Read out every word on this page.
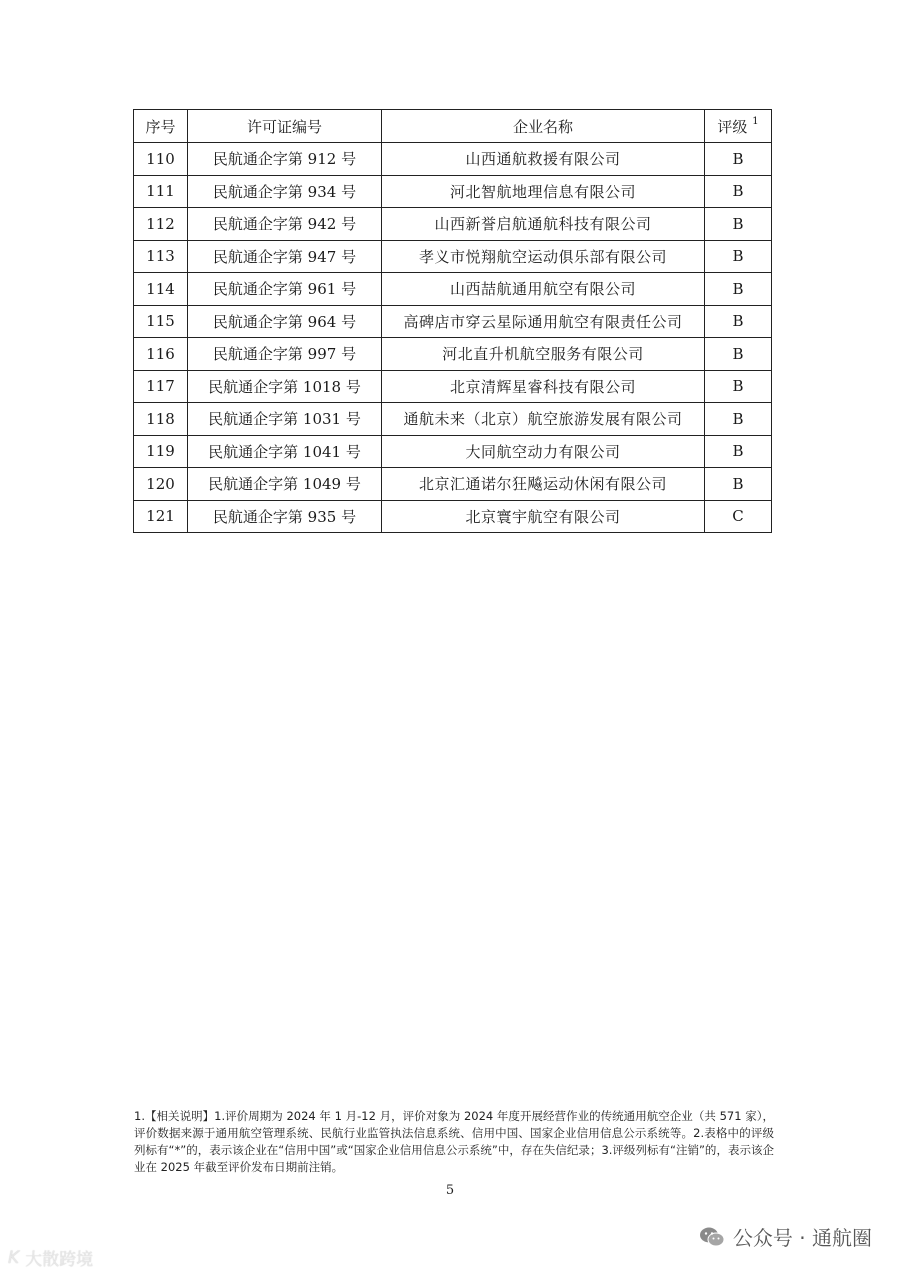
序号	许可证编号	企业名称	评级 $^1$
110	民航通企字第 912 号	山西通航救援有限公司	B
111	民航通企字第 934 号	河北智航地理信息有限公司	B
112	民航通企字第 942 号	山西新誉启航通航科技有限公司	B
113	民航通企字第 947 号	孝义市悦翔航空运动俱乐部有限公司	B
114	民航通企字第 961 号	山西喆航通用航空有限公司	B
115	民航通企字第 964 号	高碑店市穿云星际通用航空有限责任公司	B
116	民航通企字第 997 号	河北直升机航空服务有限公司	B
117	民航通企字第 1018 号	北京清辉星睿科技有限公司	B
118	民航通企字第 1031 号	通航未来（北京）航空旅游发展有限公司	B
119	民航通企字第 1041 号	大同航空动力有限公司	B
120	民航通企字第 1049 号	北京汇通诺尔狂飚运动休闲有限公司	B
121	民航通企字第 935 号	北京寰宇航空有限公司	C
1.【相关说明】1.评价周期为 2024 年 1 月-12 月，评价对象为 2024 年度开展经营作业的传统通用航空企业（共 571 家），评价数据来源于通用航空管理系统、民航行业监管执法信息系统、信用中国、国家企业信用信息公示系统等。2.表格中的评级列标有“*”的，表示该企业在“信用中国”或“国家企业信用信息公示系统”中，存在失信纪录；3.评级列标有“注销”的，表示该企业在 2025 年截至评价发布日期前注销。
5
公众号 · 通航圈
K 大散跨境
